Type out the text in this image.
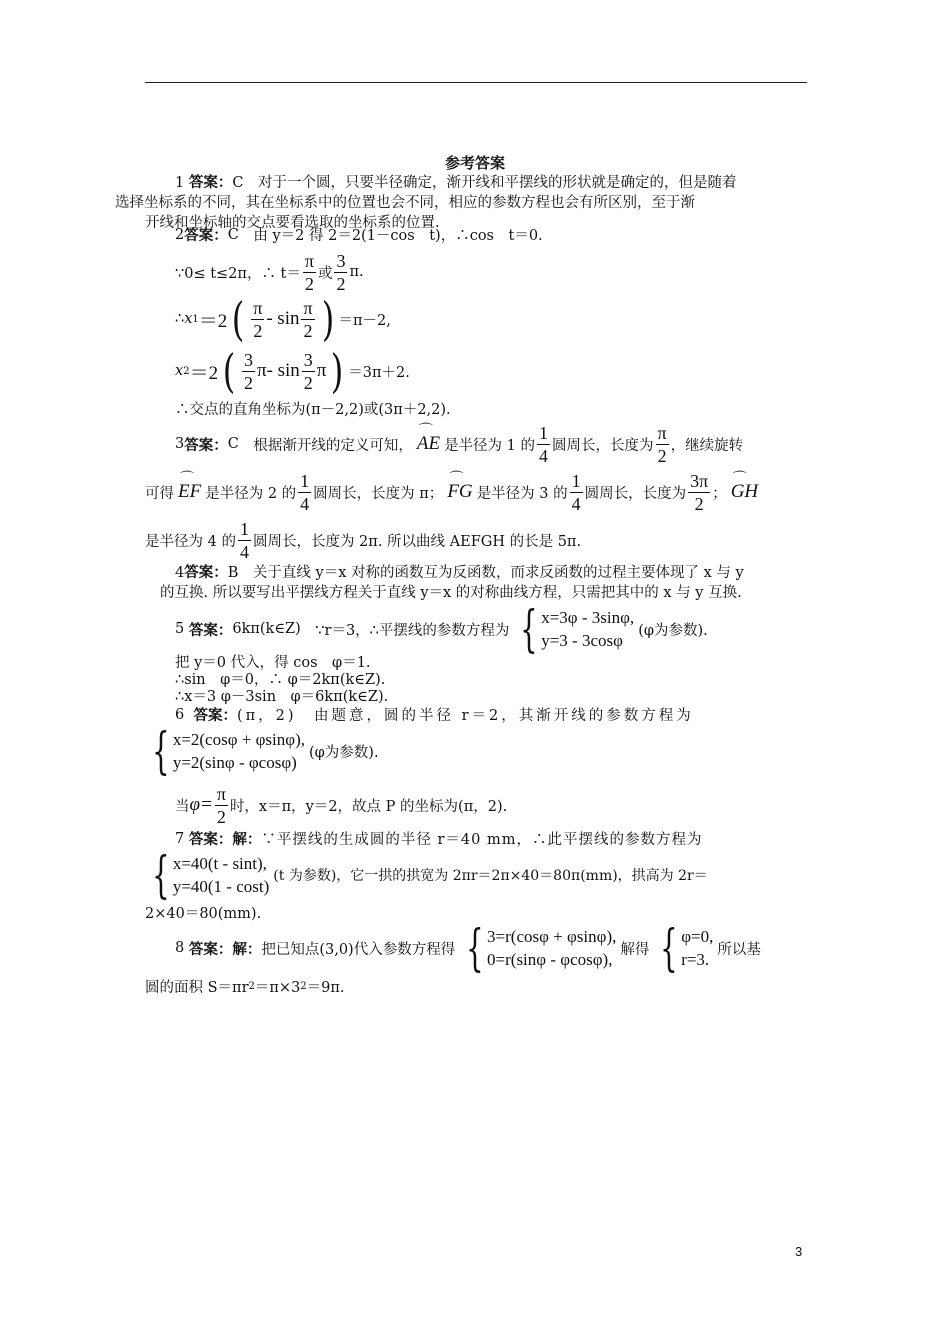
参考答案
1 答案：C　 对于一个圆，只要半径确定，渐开线和平摆线的形状就是确定的，但是随着
选择坐标系的不同，其在坐标系中的位置也会不同，相应的参数方程也会有所区别，至于渐
开线和坐标轴的交点要看选取的坐标系的位置.
2 答案： C
　 由 y＝2 得 2＝2(1－cos　t)，∴cos　t＝0.
∵0≤ t≤2π，∴ $t= \frac{\pi}{2}$ 或 $\frac{3}{2}$ π .
∴ x 1 ＝2 ( $\frac{\pi}{2}$ -
$\sin \frac{\pi}{2}$ ) ＝π－2,
x 2 ＝2 ( $\frac{3}{2}$ π -
$\sin \frac{3}{2}$ π ) ＝3π＋2.
∴交点的直角坐标为(π－2,2)或(3π＋2,2).
3 答案： C
　 根据渐开线的定义可知， ⌒ AE 是半径为 1 的 $\frac{1}{4}$ 圆周长，长度为 $\frac{\pi}{2}$ ，继续旋转
可得 ⌒ EF 是半径为 2 的 $\frac{1}{4}$ 圆周长，长度为 π； ⌒ FG 是半径为 3 的 $\frac{1}{4}$ 圆周长，长度为 $\frac{3\pi}{2}$ ； ⌒ GH
是半径为 4 的 $\frac{1}{4}$ 圆周长，长度为 2π. 所以曲线 AEFGH 的长是 5π.
4答案：B　 关于直线 y＝x 对称的函数互为反函数，而求反函数的过程主要体现了 x 与 y
的互换. 所以要写出平摆线方程关于直线 y＝x 的对称曲线方程，只需把其中的 x 与 y 互换.
5
答案： 6kπ(k∈Z)
　 ∵r＝3，∴平摆线的参数方程为 { x=3φ - 3sinφ,
y=3 - 3cosφ
(φ为参数).
把 y＝0 代入，得 cos　φ＝1.
∴sin　φ＝0，∴ φ＝2kπ(k∈Z).
∴x＝3 φ－3sin　φ＝6kπ(k∈Z).
6
答案： (π，2)　由题意，圆的半径 r＝2，其渐开线的参数方程为
{ x=2(cosφ + φsinφ),
y=2(sinφ - φcosφ)
(φ为参数).
当 $\varphi= \frac{\pi}{2}$ 时，x＝π，y＝2，故点 P 的坐标为(π，2).
7
答案： 解： ∵平摆线的生成圆的半径 r＝40 mm，∴此平摆线的参数方程为
{ x=40(t - sint),
y=40(1 - cost)
(t 为参数)，它一拱的拱宽为 2πr＝2π×40＝80π(mm)，拱高为 2r＝
2×40＝80(mm).
8
答案： 解： 把已知点(3,0)代入参数方程得 { 3=r(cosφ + φsinφ),
0=r(sinφ - φcosφ),
解得 { φ=0,
r=3.
所以基
圆的面积 S＝πr 2 ＝π×3 2 ＝9π.
3
